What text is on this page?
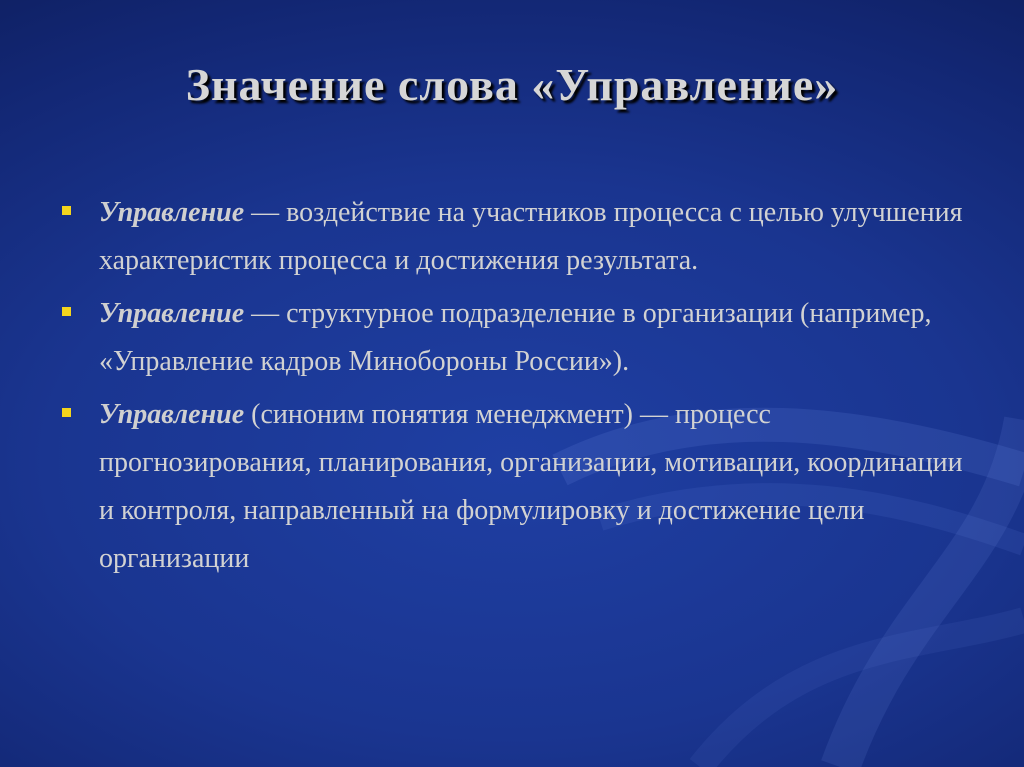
Значение слова «Управление»
Управление — воздействие на участников процесса с целью улучшения характеристик процесса и достижения результата.
Управление — структурное подразделение в организации (например, «Управление кадров Минобороны России»).
Управление (синоним понятия менеджмент) — процесс прогнозирования, планирования, организации, мотивации, координации и контроля, направленный на формулировку и достижение цели организации
